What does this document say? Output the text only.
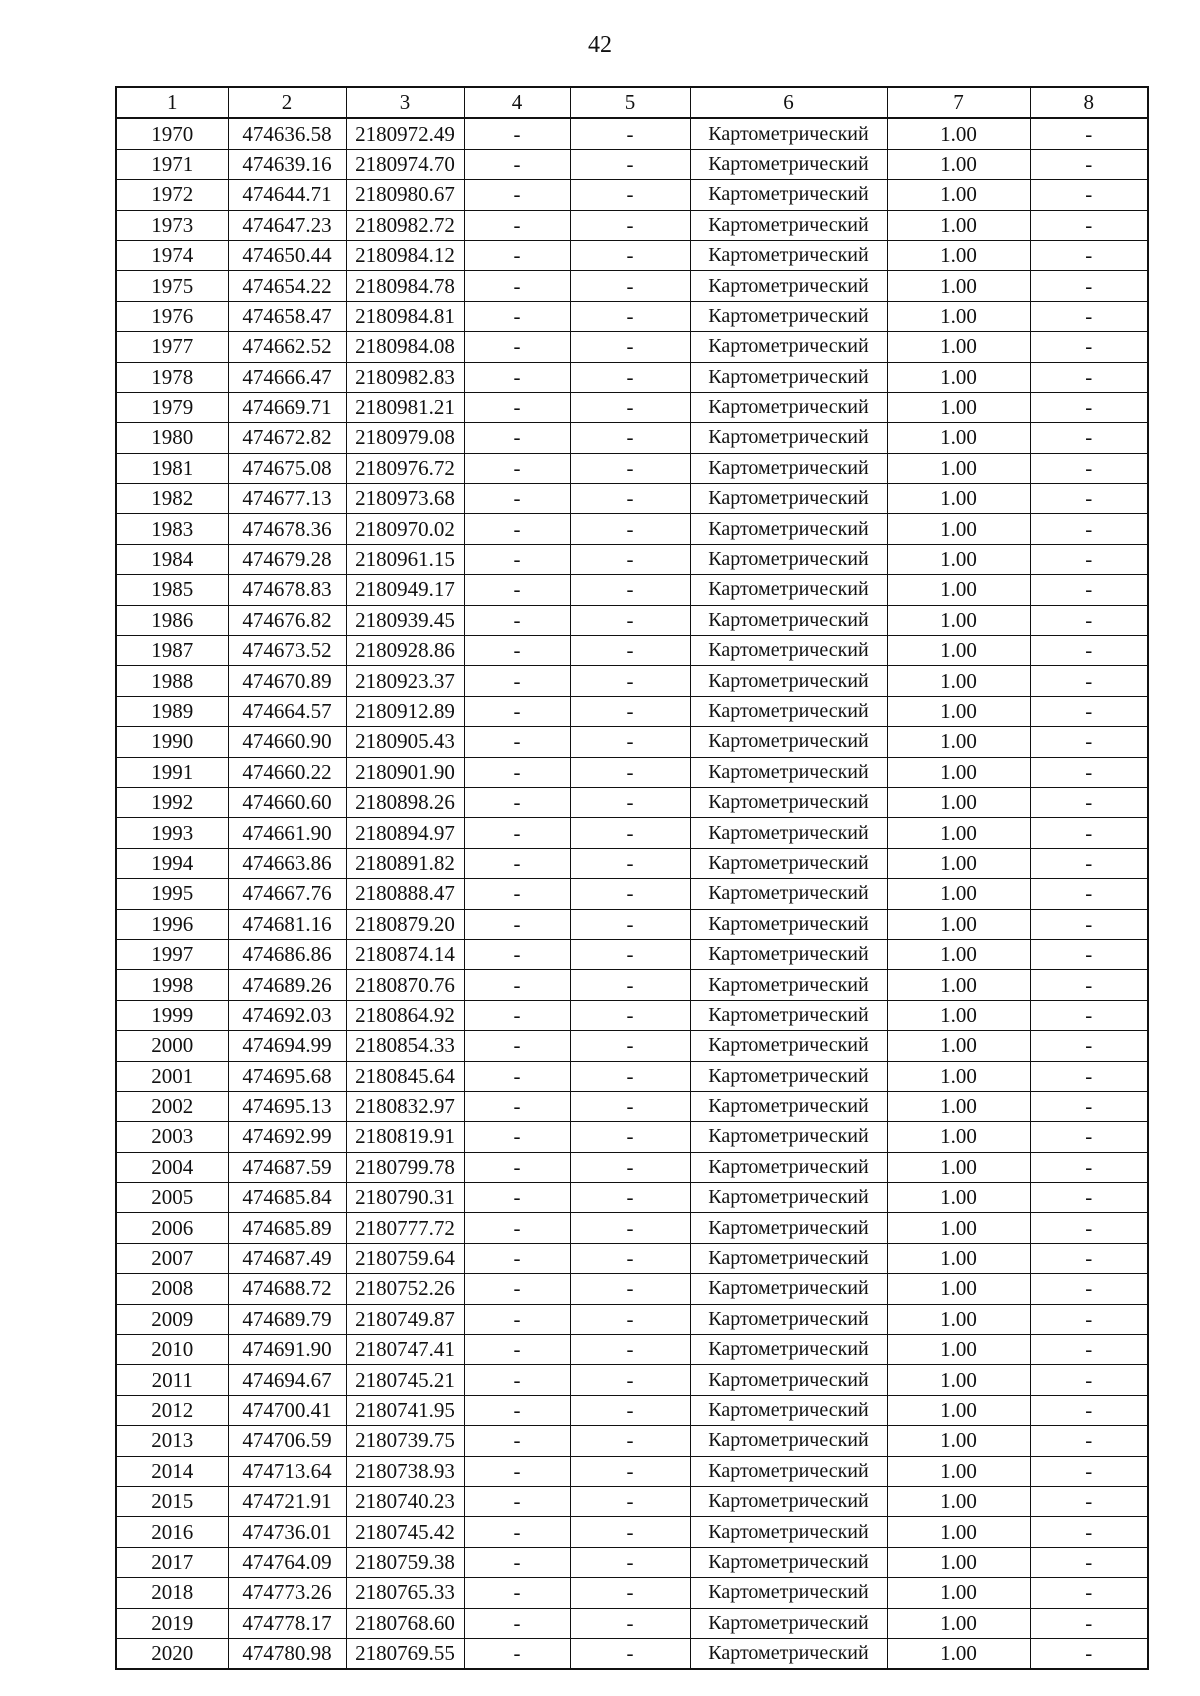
42
1	2	3	4	5	6	7	8
1970	474636.58	2180972.49	-	-	Картометрический	1.00	-
1971	474639.16	2180974.70	-	-	Картометрический	1.00	-
1972	474644.71	2180980.67	-	-	Картометрический	1.00	-
1973	474647.23	2180982.72	-	-	Картометрический	1.00	-
1974	474650.44	2180984.12	-	-	Картометрический	1.00	-
1975	474654.22	2180984.78	-	-	Картометрический	1.00	-
1976	474658.47	2180984.81	-	-	Картометрический	1.00	-
1977	474662.52	2180984.08	-	-	Картометрический	1.00	-
1978	474666.47	2180982.83	-	-	Картометрический	1.00	-
1979	474669.71	2180981.21	-	-	Картометрический	1.00	-
1980	474672.82	2180979.08	-	-	Картометрический	1.00	-
1981	474675.08	2180976.72	-	-	Картометрический	1.00	-
1982	474677.13	2180973.68	-	-	Картометрический	1.00	-
1983	474678.36	2180970.02	-	-	Картометрический	1.00	-
1984	474679.28	2180961.15	-	-	Картометрический	1.00	-
1985	474678.83	2180949.17	-	-	Картометрический	1.00	-
1986	474676.82	2180939.45	-	-	Картометрический	1.00	-
1987	474673.52	2180928.86	-	-	Картометрический	1.00	-
1988	474670.89	2180923.37	-	-	Картометрический	1.00	-
1989	474664.57	2180912.89	-	-	Картометрический	1.00	-
1990	474660.90	2180905.43	-	-	Картометрический	1.00	-
1991	474660.22	2180901.90	-	-	Картометрический	1.00	-
1992	474660.60	2180898.26	-	-	Картометрический	1.00	-
1993	474661.90	2180894.97	-	-	Картометрический	1.00	-
1994	474663.86	2180891.82	-	-	Картометрический	1.00	-
1995	474667.76	2180888.47	-	-	Картометрический	1.00	-
1996	474681.16	2180879.20	-	-	Картометрический	1.00	-
1997	474686.86	2180874.14	-	-	Картометрический	1.00	-
1998	474689.26	2180870.76	-	-	Картометрический	1.00	-
1999	474692.03	2180864.92	-	-	Картометрический	1.00	-
2000	474694.99	2180854.33	-	-	Картометрический	1.00	-
2001	474695.68	2180845.64	-	-	Картометрический	1.00	-
2002	474695.13	2180832.97	-	-	Картометрический	1.00	-
2003	474692.99	2180819.91	-	-	Картометрический	1.00	-
2004	474687.59	2180799.78	-	-	Картометрический	1.00	-
2005	474685.84	2180790.31	-	-	Картометрический	1.00	-
2006	474685.89	2180777.72	-	-	Картометрический	1.00	-
2007	474687.49	2180759.64	-	-	Картометрический	1.00	-
2008	474688.72	2180752.26	-	-	Картометрический	1.00	-
2009	474689.79	2180749.87	-	-	Картометрический	1.00	-
2010	474691.90	2180747.41	-	-	Картометрический	1.00	-
2011	474694.67	2180745.21	-	-	Картометрический	1.00	-
2012	474700.41	2180741.95	-	-	Картометрический	1.00	-
2013	474706.59	2180739.75	-	-	Картометрический	1.00	-
2014	474713.64	2180738.93	-	-	Картометрический	1.00	-
2015	474721.91	2180740.23	-	-	Картометрический	1.00	-
2016	474736.01	2180745.42	-	-	Картометрический	1.00	-
2017	474764.09	2180759.38	-	-	Картометрический	1.00	-
2018	474773.26	2180765.33	-	-	Картометрический	1.00	-
2019	474778.17	2180768.60	-	-	Картометрический	1.00	-
2020	474780.98	2180769.55	-	-	Картометрический	1.00	-
